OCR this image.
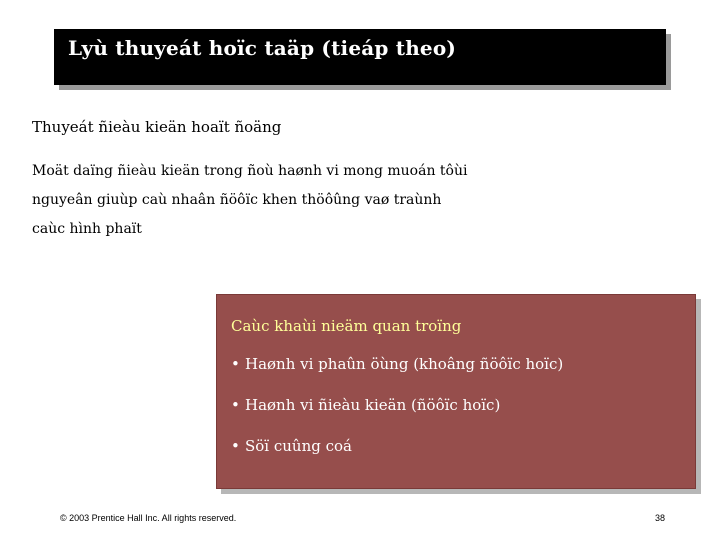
Lyù thuyeát hoïc taäp (tieáp theo)
Thuyeát ñieàu kieän hoaït ñoäng

Moät daïng ñieàu kieän trong ñoù haønh vi mong muoán tôùi nguyeân giuùp caù nhaân ñöôïc khen thöôûng vaø traùnh caùc hình phaït

Caùc khaùi nieäm quan troïng
• Haønh vi phaûn öùng (khoâng ñöôïc hoïc)
• Haønh vi ñieàu kieän (ñöôïc hoïc)
• Söï cuûng coá
© 2003 Prentice Hall Inc. All rights reserved.	38
